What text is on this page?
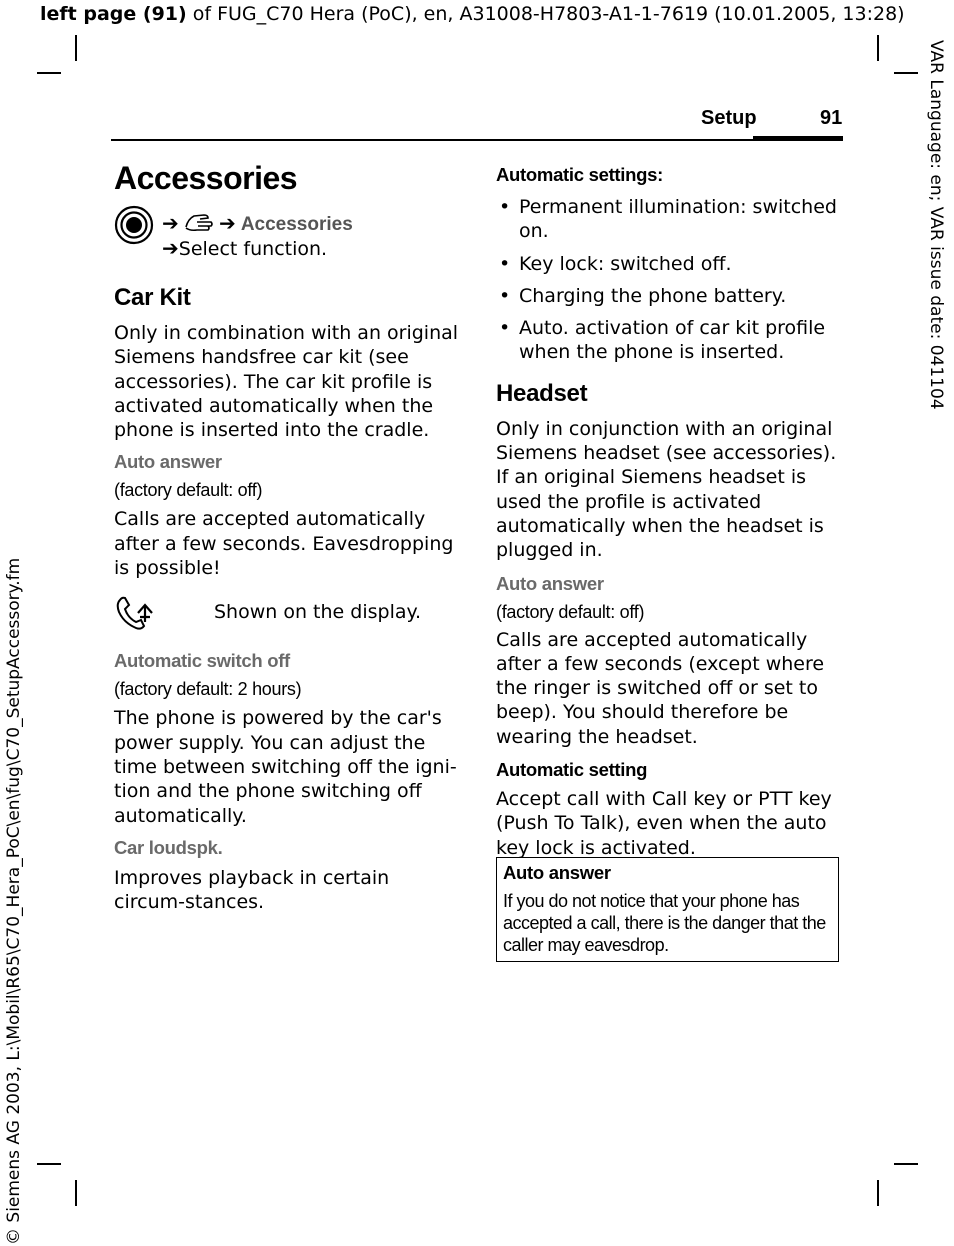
left page (91) of FUG_C70 Hera (PoC), en, A31008-H7803-A1-1-7619 (10.01.2005, 13:28)
VAR Language: en; VAR issue date: 041104
© Siemens AG 2003, L:\Mobil\R65\C70_Hera_PoC\en\fug\C70_SetupAccessory.fm
Setup	91
Accessories
➔ ➔ Accessories
➔Select function.
Car Kit

Only in combination with an original Siemens handsfree car kit (see accessories). The car kit profile is activated automatically when the phone is inserted into the cradle.

Auto answer

(factory default: off)

Calls are accepted automatically after a few seconds. Eavesdropping is possible!

Shown on the display.

Automatic switch off

(factory default: 2 hours)

The phone is powered by the car's power supply. You can adjust the time between switching off the igni-tion and the phone switching off automatically.

Car loudspk.

Improves playback in certain circum-stances.

Automatic settings:

• Permanent illumination: switched on.
• Key lock: switched off.
• Charging the phone battery.
• Auto. activation of car kit profile when the phone is inserted.
Headset

Only in conjunction with an original Siemens headset (see accessories). If an original Siemens headset is used the profile is activated automatically when the headset is plugged in.

Auto answer

(factory default: off)

Calls are accepted automatically after a few seconds (except where the ringer is switched off or set to beep). You should therefore be wearing the headset.

Automatic setting

Accept call with Call key or PTT key (Push To Talk), even when the auto key lock is activated.

Auto answer

If you do not notice that your phone has accepted a call, there is the danger that the caller may eavesdrop.
